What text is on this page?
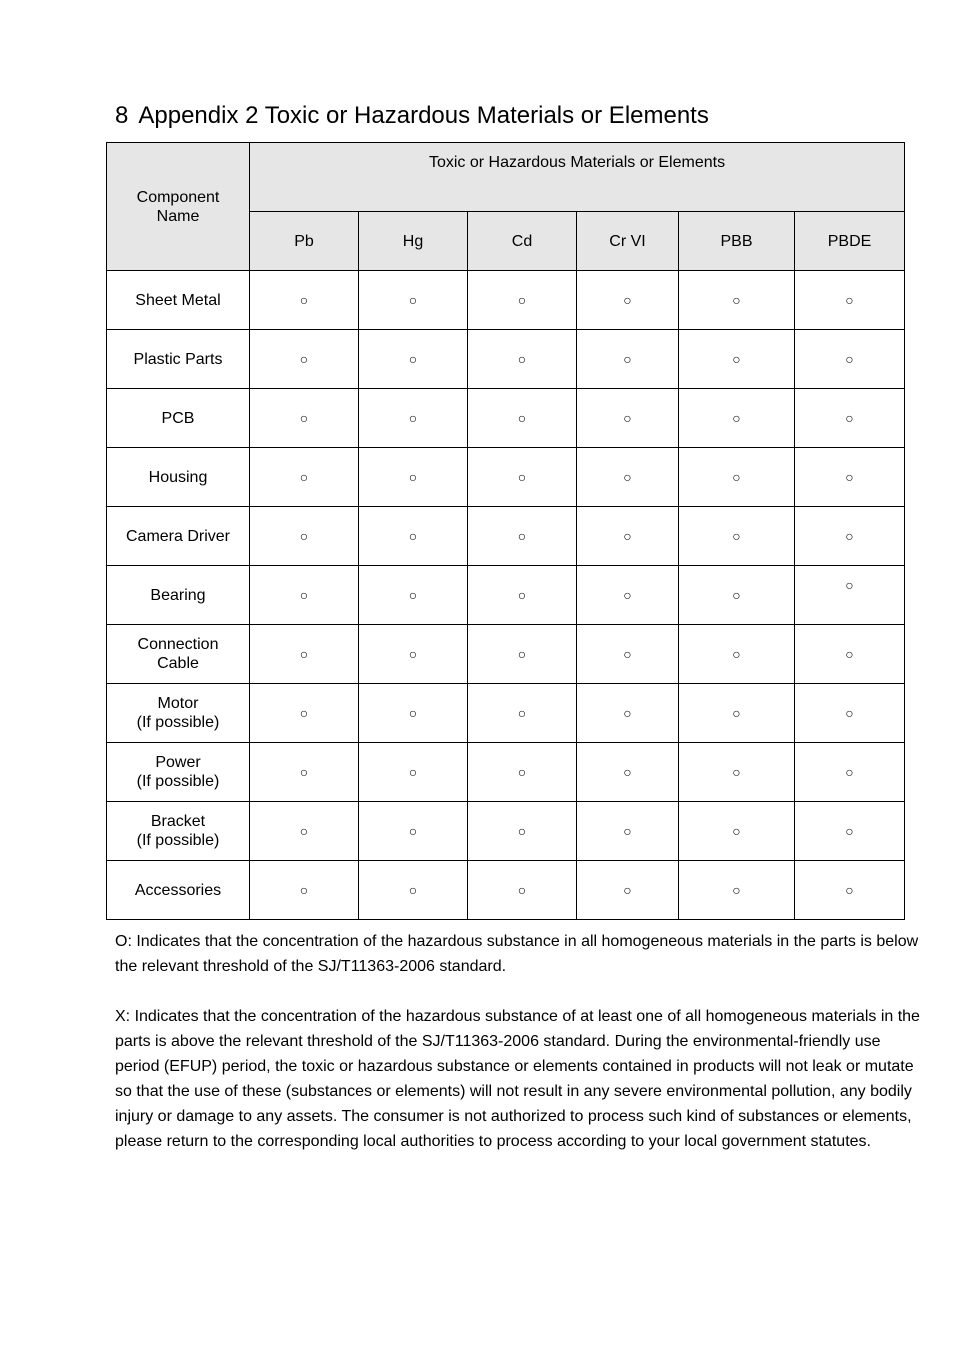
8 Appendix 2 Toxic or Hazardous Materials or Elements
Component
Name	Toxic or Hazardous Materials or Elements					
	Pb	Hg	Cd	Cr VI	PBB	PBDE

Sheet Metal	○	○	○	○	○	○

Plastic Parts	○	○	○	○	○	○

PCB	○	○	○	○	○	○

Housing	○	○	○	○	○	○

Camera Driver	○	○	○	○	○	○

Bearing	○	○	○	○	○	○

Connection
Cable	○	○	○	○	○	○

Motor
(If possible)	○	○	○	○	○	○

Power
(If possible)	○	○	○	○	○	○

Bracket
(If possible)	○	○	○	○	○	○

Accessories	○	○	○	○	○	○

O: Indicates that the concentration of the hazardous substance in all homogeneous materials in the parts is below the relevant threshold of the SJ/T11363-2006 standard.

X: Indicates that the concentration of the hazardous substance of at least one of all homogeneous materials in the parts is above the relevant threshold of the SJ/T11363-2006 standard. During the environmental-friendly use period (EFUP) period, the toxic or hazardous substance or elements contained in products will not leak or mutate so that the use of these (substances or elements) will not result in any severe environmental pollution, any bodily injury or damage to any assets. The consumer is not authorized to process such kind of substances or elements, please return to the corresponding local authorities to process according to your local government statutes.
